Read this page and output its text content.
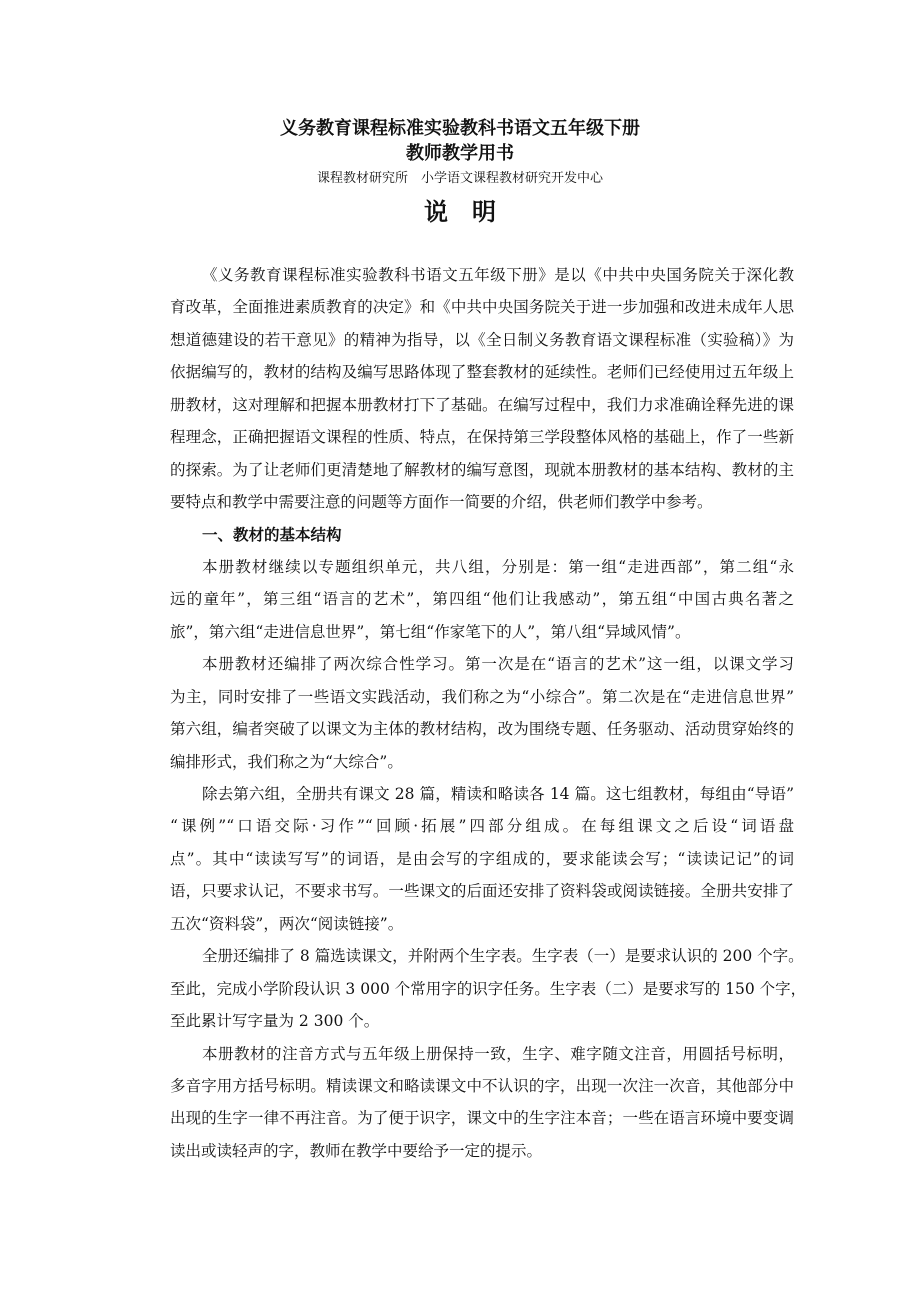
义务教育课程标准实验教科书语文五年级下册
教师教学用书
课程教材研究所　小学语文课程教材研究开发中心
说明
《义务教育课程标准实验教科书语文五年级下册》是以《中共中央国务院关于深化教
育改革，全面推进素质教育的决定》和《中共中央国务院关于进一步加强和改进未成年人思
想道德建设的若干意见》的精神为指导，以《全日制义务教育语文课程标准（实验稿）》为
依据编写的，教材的结构及编写思路体现了整套教材的延续性。老师们已经使用过五年级上
册教材，这对理解和把握本册教材打下了基础。在编写过程中，我们力求准确诠释先进的课
程理念，正确把握语文课程的性质、特点，在保持第三学段整体风格的基础上，作了一些新
的探索。为了让老师们更清楚地了解教材的编写意图，现就本册教材的基本结构、教材的主
要特点和教学中需要注意的问题等方面作一简要的介绍，供老师们教学中参考。
一、教材的基本结构
本册教材继续以专题组织单元，共八组，分别是：第一组“走进西部”，第二组“永
远的童年”，第三组“语言的艺术”，第四组“他们让我感动”，第五组“中国古典名著之
旅”，第六组“走进信息世界”，第七组“作家笔下的人”，第八组“异域风情”。
本册教材还编排了两次综合性学习。第一次是在“语言的艺术”这一组，以课文学习
为主，同时安排了一些语文实践活动，我们称之为“小综合”。第二次是在“走进信息世界”
第六组，编者突破了以课文为主体的教材结构，改为围绕专题、任务驱动、活动贯穿始终的
编排形式，我们称之为“大综合”。
除去第六组，全册共有课文 28 篇，精读和略读各 14 篇。这七组教材，每组由“导语”
“课例”“口语交际·习作”“回顾·拓展”四部分组成。在每组课文之后设“词语盘
点”。其中“读读写写”的词语，是由会写的字组成的，要求能读会写；“读读记记”的词
语，只要求认记，不要求书写。一些课文的后面还安排了资料袋或阅读链接。全册共安排了
五次“资料袋”，两次“阅读链接”。
全册还编排了 8 篇选读课文，并附两个生字表。生字表（一）是要求认识的 200 个字。
至此，完成小学阶段认识 3 000 个常用字的识字任务。生字表（二）是要求写的 150 个字，
至此累计写字量为 2 300 个。
本册教材的注音方式与五年级上册保持一致，生字、难字随文注音，用圆括号标明，
多音字用方括号标明。精读课文和略读课文中不认识的字，出现一次注一次音，其他部分中
出现的生字一律不再注音。为了便于识字，课文中的生字注本音；一些在语言环境中要变调
读出或读轻声的字，教师在教学中要给予一定的提示。
